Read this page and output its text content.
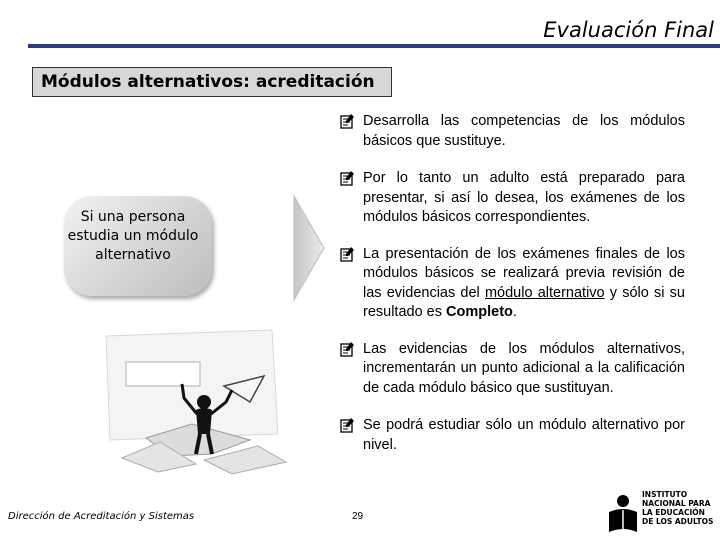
Evaluación Final
Módulos alternativos: acreditación
Si una persona estudia un módulo alternativo
Desarrolla las competencias de los módulos básicos que sustituye.
Por lo tanto un adulto está preparado para presentar, si así lo desea, los exámenes de los módulos básicos correspondientes.
La presentación de los exámenes finales de los módulos básicos se realizará previa revisión de las evidencias del módulo alternativo y sólo si su resultado es Completo.
Las evidencias de los módulos alternativos, incrementarán un punto adicional a la calificación de cada módulo básico que sustituyan.
Se podrá estudiar sólo un módulo alternativo por nivel.
Dirección de Acreditación y Sistemas	29
INSTITUTO
NACIONAL PARA
LA EDUCACIÓN
DE LOS ADULTOS
